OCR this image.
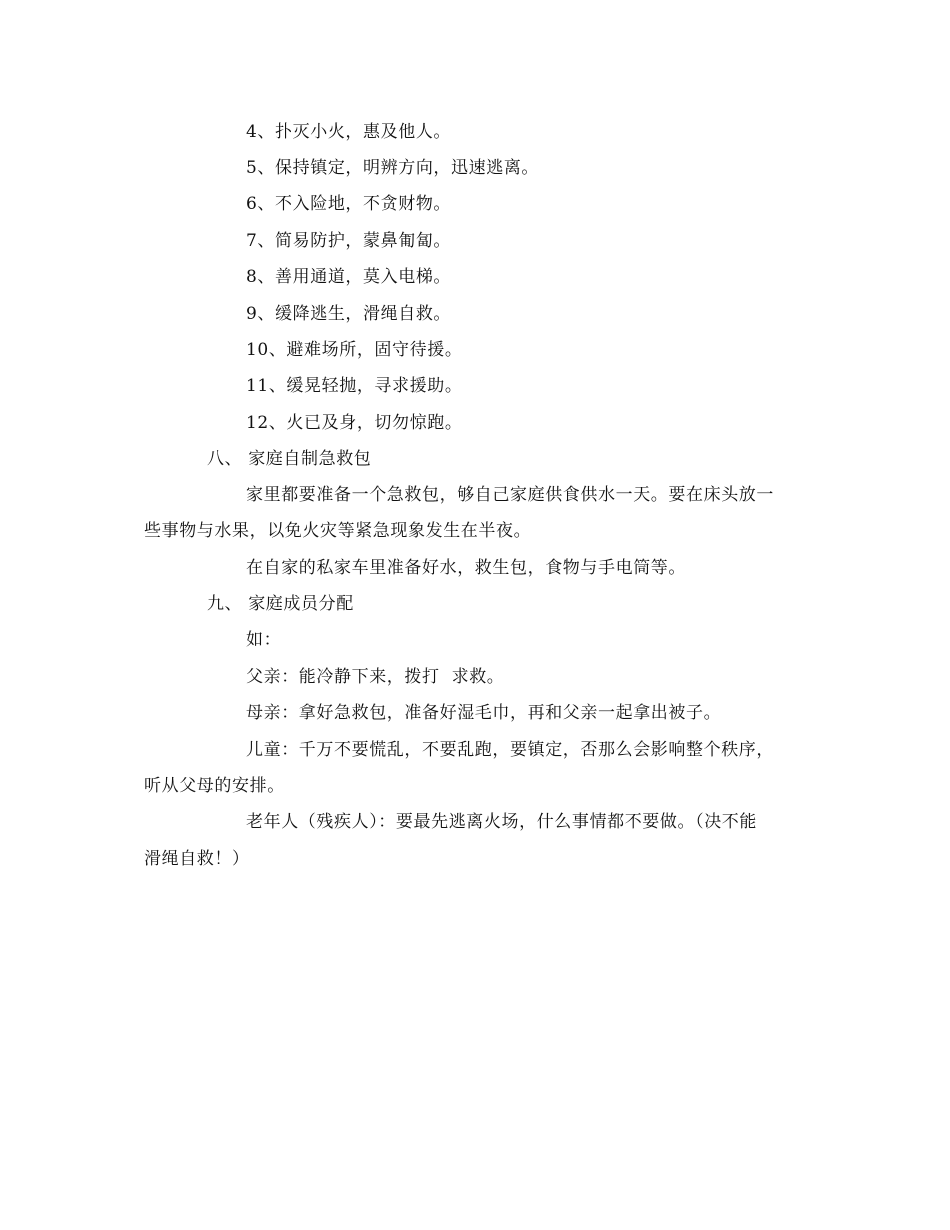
4、扑灭小火，惠及他人。
5、保持镇定，明辨方向，迅速逃离。
6、不入险地，不贪财物。
7、简易防护，蒙鼻匍匐。
8、善用通道，莫入电梯。
9、缓降逃生，滑绳自救。
10、避难场所，固守待援。
11、缓晃轻抛，寻求援助。
12、火已及身，切勿惊跑。
八、 家庭自制急救包
家里都要准备一个急救包，够自己家庭供食供水一天。要在床头放一
些事物与水果，以免火灾等紧急现象发生在半夜。
在自家的私家车里准备好水，救生包，食物与手电筒等。
九、 家庭成员分配
如：
父亲：能冷静下来，拨打  求救。
母亲：拿好急救包，准备好湿毛巾，再和父亲一起拿出被子。
儿童：千万不要慌乱，不要乱跑，要镇定，否那么会影响整个秩序，
听从父母的安排。
老年人（残疾人）：要最先逃离火场，什么事情都不要做。（决不能
滑绳自救！）
